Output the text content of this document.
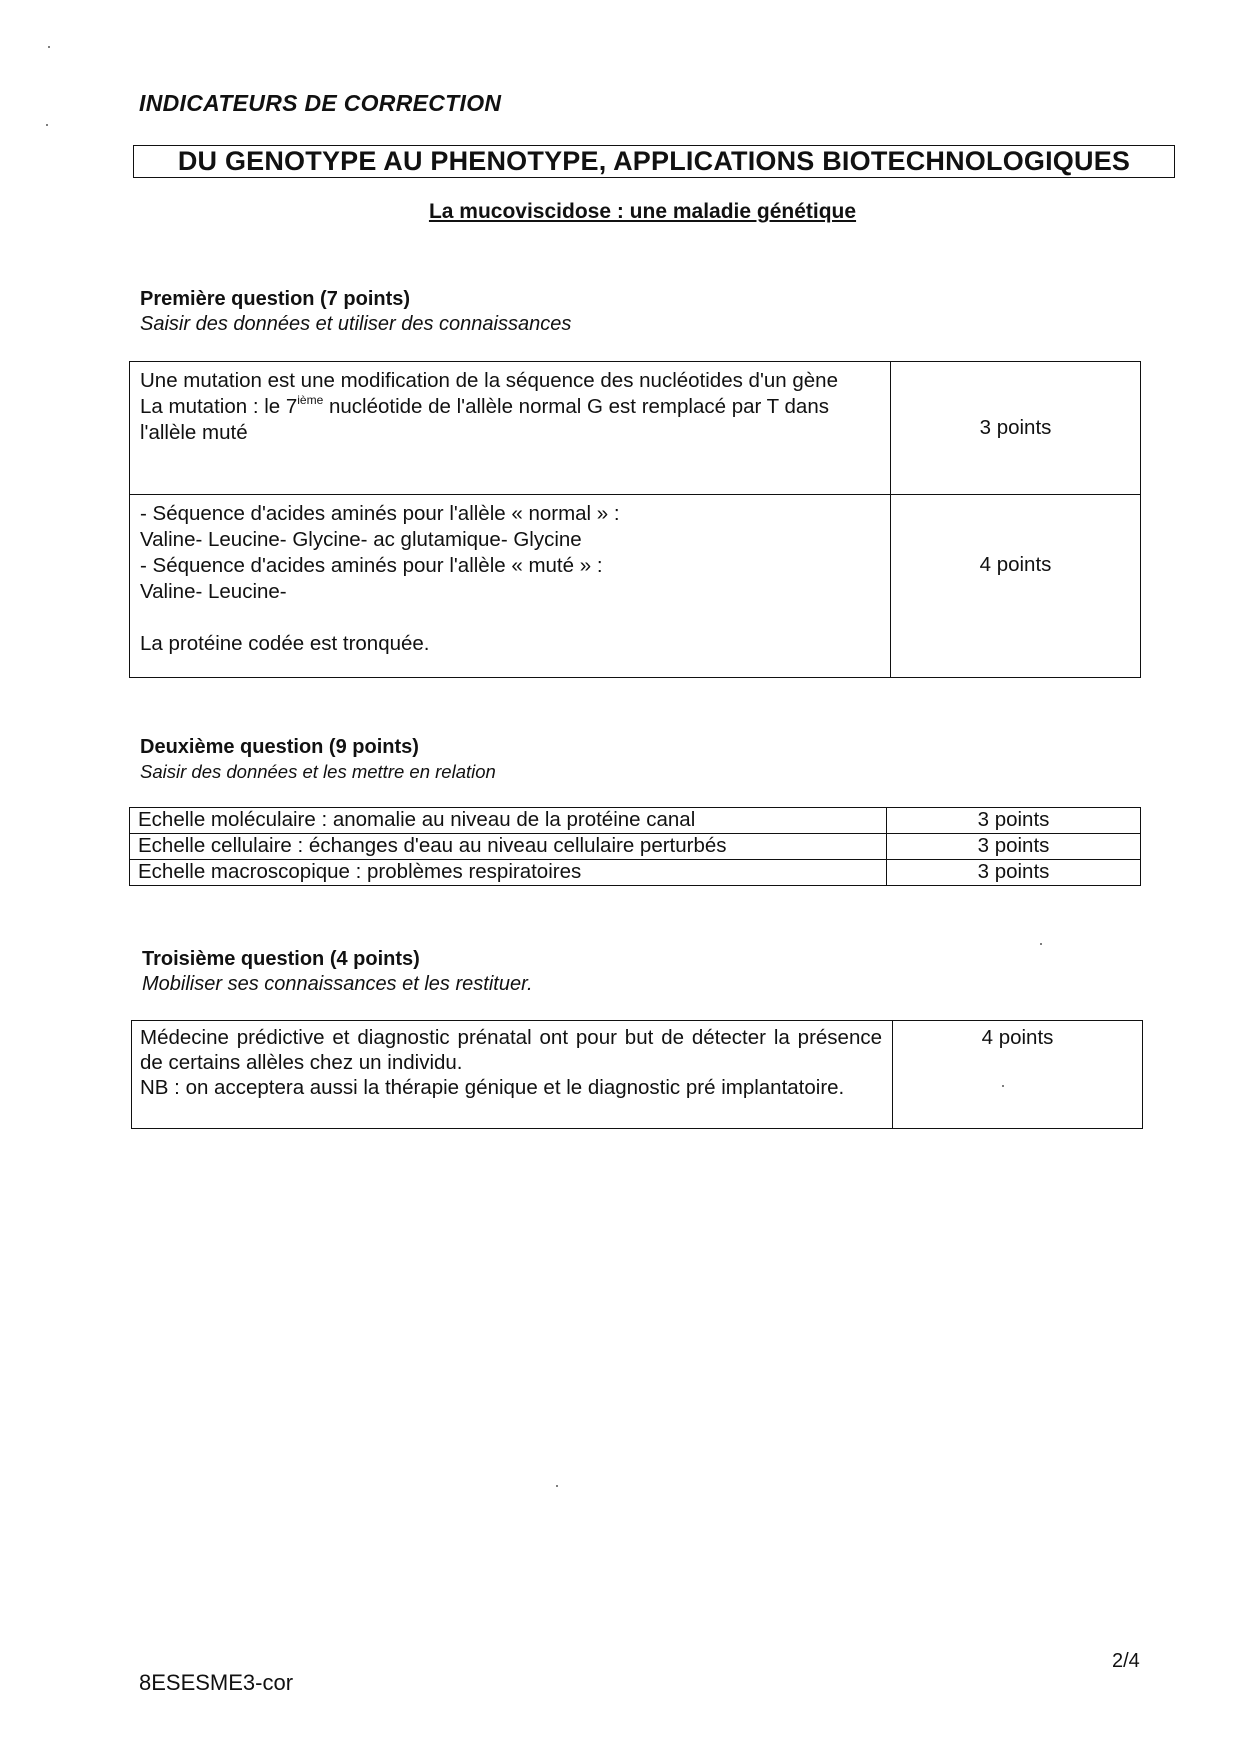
INDICATEURS DE CORRECTION
DU GENOTYPE AU PHENOTYPE, APPLICATIONS BIOTECHNOLOGIQUES
La mucoviscidose : une maladie génétique
Première question (7 points)
Saisir des données et utiliser des connaissances
Une mutation est une modification de la séquence des nucléotides d'un gène
La mutation : le 7ième nucléotide de l'allèle normal G est remplacé par T dans l'allèle muté	3 points

- Séquence d'acides aminés pour l'allèle « normal » :
Valine- Leucine- Glycine- ac glutamique- Glycine
- Séquence d'acides aminés pour l'allèle « muté » :
Valine- Leucine-
La protéine codée est tronquée.	4 points
Deuxième question (9 points)
Saisir des données et les mettre en relation
Echelle moléculaire : anomalie au niveau de la protéine canal	3 points
Echelle cellulaire : échanges d'eau au niveau cellulaire perturbés	3 points
Echelle macroscopique : problèmes respiratoires	3 points
Troisième question (4 points)
Mobiliser ses connaissances et les restituer.
Médecine prédictive et diagnostic prénatal ont pour but de détecter la présence de certains allèles chez un individu.
NB : on acceptera aussi la thérapie génique et le diagnostic pré implantatoire.
	4 points
2/4
8ESESME3-cor
